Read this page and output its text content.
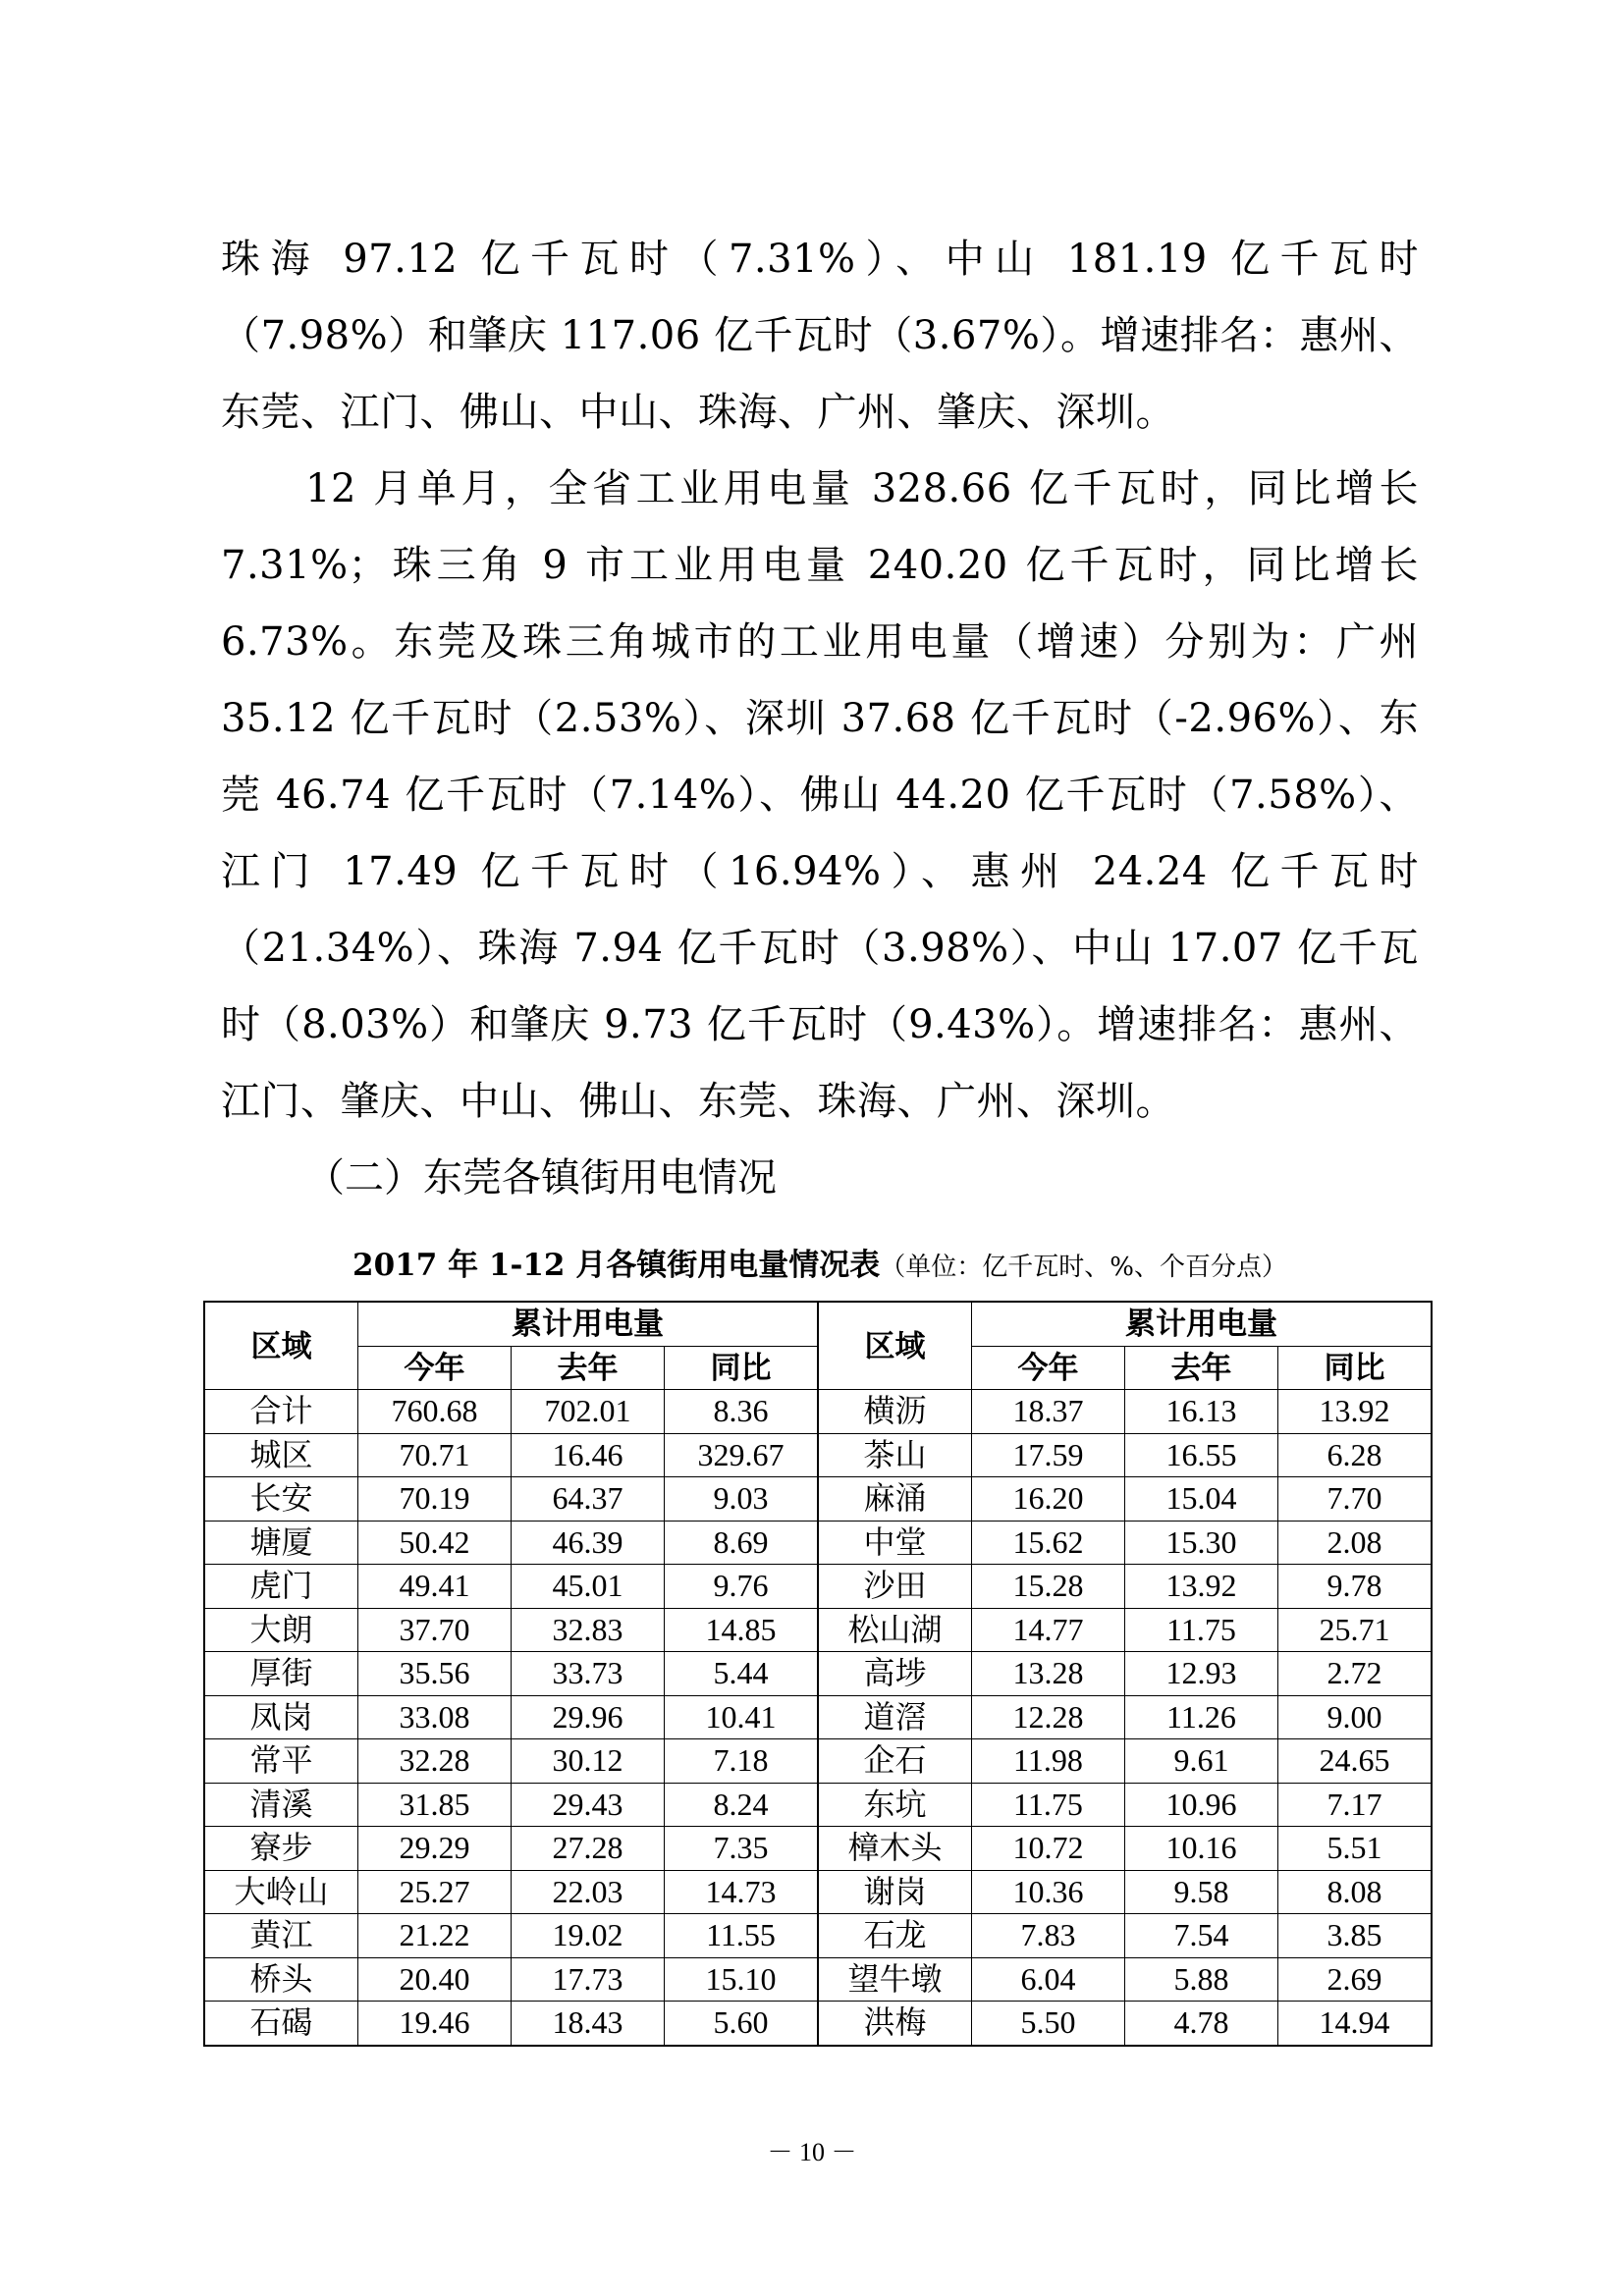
珠海 97.12 亿千瓦时（7.31%）、中山 181.19 亿千瓦时（7.98%）和肇庆 117.06 亿千瓦时（3.67%）。增速排名：惠州、东莞、江门、佛山、中山、珠海、广州、肇庆、深圳。

12 月单月，全省工业用电量 328.66 亿千瓦时，同比增长 7.31%；珠三角 9 市工业用电量 240.20 亿千瓦时，同比增长 6.73%。东莞及珠三角城市的工业用电量（增速）分别为：广州 35.12 亿千瓦时（2.53%）、深圳 37.68 亿千瓦时（-2.96%）、东莞 46.74 亿千瓦时（7.14%）、佛山 44.20 亿千瓦时（7.58%）、江门 17.49 亿千瓦时（16.94%）、惠州 24.24 亿千瓦时（21.34%）、珠海 7.94 亿千瓦时（3.98%）、中山 17.07 亿千瓦时（8.03%）和肇庆 9.73 亿千瓦时（9.43%）。增速排名：惠州、江门、肇庆、中山、佛山、东莞、珠海、广州、深圳。

（二）东莞各镇街用电情况

2017 年 1-12 月各镇街用电量情况表（单位：亿千瓦时、%、个百分点）
区域	累计用电量			区域	累计用电量		
	今年	去年	同比		今年	去年	同比
合计	760.68	702.01	8.36	横沥	18.37	16.13	13.92
城区	70.71	16.46	329.67	茶山	17.59	16.55	6.28
长安	70.19	64.37	9.03	麻涌	16.20	15.04	7.70
塘厦	50.42	46.39	8.69	中堂	15.62	15.30	2.08
虎门	49.41	45.01	9.76	沙田	15.28	13.92	9.78
大朗	37.70	32.83	14.85	松山湖	14.77	11.75	25.71
厚街	35.56	33.73	5.44	高埗	13.28	12.93	2.72
凤岗	33.08	29.96	10.41	道滘	12.28	11.26	9.00
常平	32.28	30.12	7.18	企石	11.98	9.61	24.65
清溪	31.85	29.43	8.24	东坑	11.75	10.96	7.17
寮步	29.29	27.28	7.35	樟木头	10.72	10.16	5.51
大岭山	25.27	22.03	14.73	谢岗	10.36	9.58	8.08
黄江	21.22	19.02	11.55	石龙	7.83	7.54	3.85
桥头	20.40	17.73	15.10	望牛墩	6.04	5.88	2.69
石碣	19.46	18.43	5.60	洪梅	5.50	4.78	14.94
－ 10 －
